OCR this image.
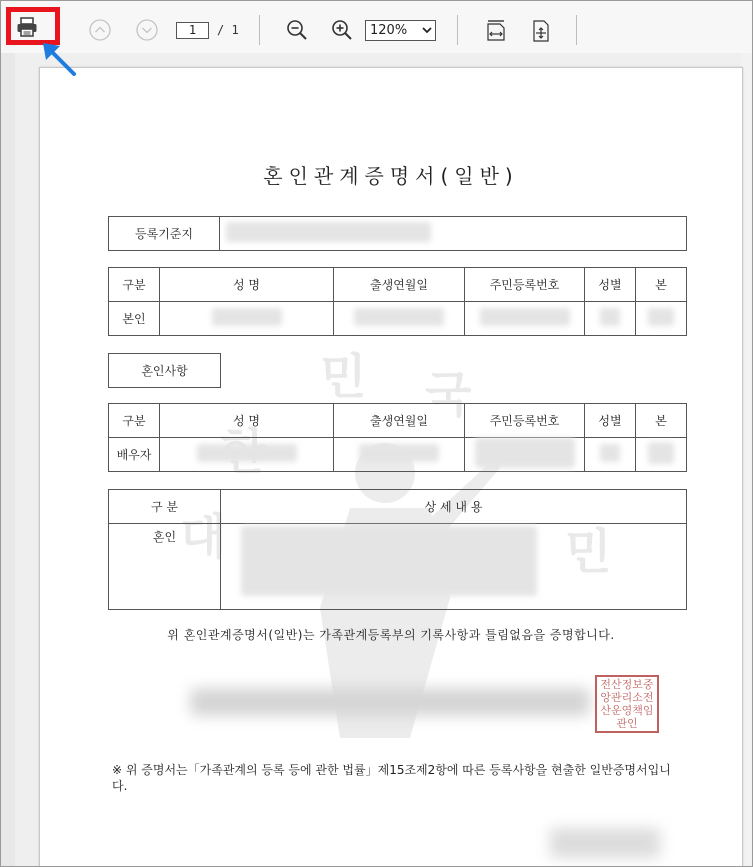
1
/ 1	120%
민 국
대	민
혼인관계증명서(일반)
등록기준지	
구분	성 명	출생연월일	주민등록번호	성별	본
본인					
혼인사항
구분	성 명	출생연월일	주민등록번호	성별	본
배우자					
구 분	상 세 내 용
혼인	
위 혼인관계증명서(일반)는 가족관계등록부의 기록사항과 틀림없음을 증명합니다.
전산정보중앙관리소전산운영책임관인
※ 위 증명서는「가족관계의 등록 등에 관한 법률」제15조제2항에 따른 등록사항을 현출한 일반증명서입니다.
